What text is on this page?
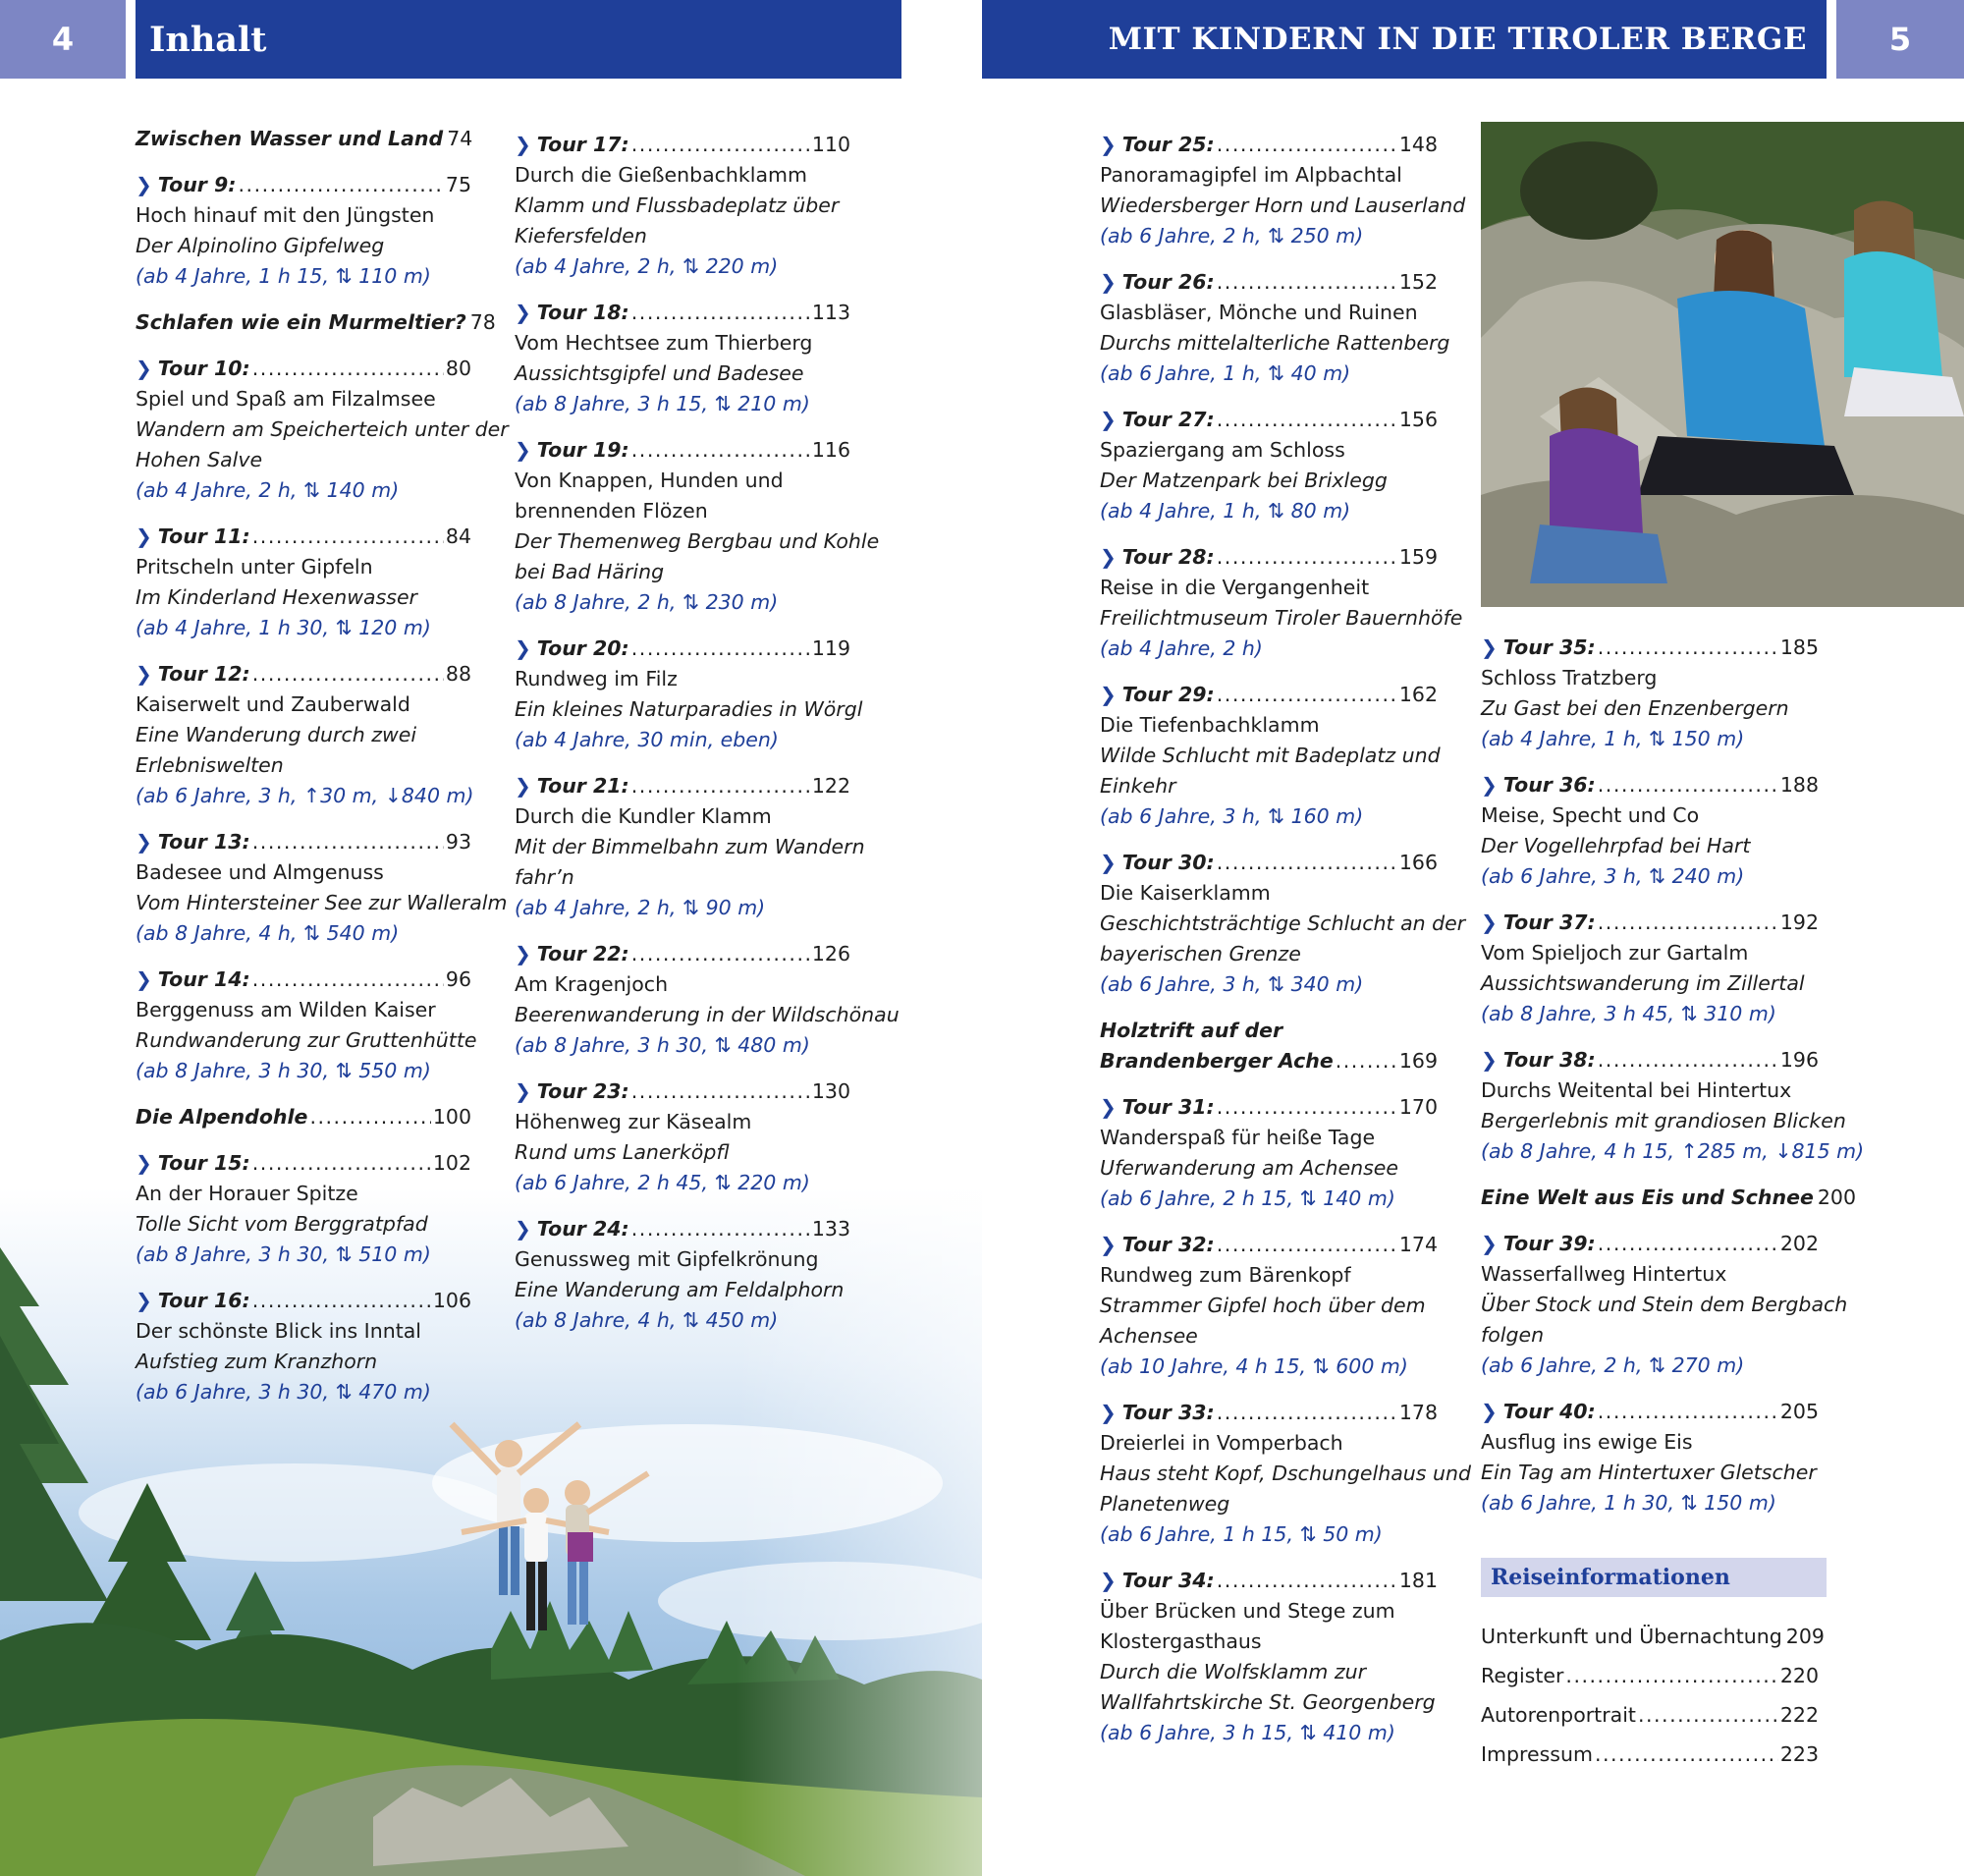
4	Inhalt	MIT KINDERN IN DIE TIROLER BERGE	5
Zwischen Wasser und Land 74
❯ Tour 9: . . .	75
Hoch hinauf mit den Jüngsten
Der Alpinolino Gipfelweg
(ab 4 Jahre, 1 h 15, ⇅ 110 m)
Schlafen wie ein Murmeltier? 78
❯ Tour 10: . . .	80
Spiel und Spaß am Filzalmsee
Wandern am Speicherteich unter der
Hohen Salve
(ab 4 Jahre, 2 h, ⇅ 140 m)
❯ Tour 11: . . .	84
Pritscheln unter Gipfeln
Im Kinderland Hexenwasser
(ab 4 Jahre, 1 h 30, ⇅ 120 m)
❯ Tour 12: . . .	88
Kaiserwelt und Zauberwald
Eine Wanderung durch zwei
Erlebniswelten
(ab 6 Jahre, 3 h, ↑30 m, ↓840 m)
❯ Tour 13: . . .	93
Badesee und Almgenuss
Vom Hintersteiner See zur Walleralm
(ab 8 Jahre, 4 h, ⇅ 540 m)
❯ Tour 14: . . .	96
Berggenuss am Wilden Kaiser
Rundwanderung zur Gruttenhütte
(ab 8 Jahre, 3 h 30, ⇅ 550 m)
Die Alpendohle . . .	100
❯ Tour 15: . . .	102
An der Horauer Spitze
Tolle Sicht vom Berggratpfad
(ab 8 Jahre, 3 h 30, ⇅ 510 m)
❯ Tour 16: . . .	106
Der schönste Blick ins Inntal
Aufstieg zum Kranzhorn
(ab 6 Jahre, 3 h 30, ⇅ 470 m)
❯ Tour 17: . . .	110
Durch die Gießenbachklamm
Klamm und Flussbadeplatz über
Kiefersfelden
(ab 4 Jahre, 2 h, ⇅ 220 m)
❯ Tour 18: . . .	113
Vom Hechtsee zum Thierberg
Aussichtsgipfel und Badesee
(ab 8 Jahre, 3 h 15, ⇅ 210 m)
❯ Tour 19: . . .	116
Von Knappen, Hunden und
brennenden Flözen
Der Themenweg Bergbau und Kohle
bei Bad Häring
(ab 8 Jahre, 2 h, ⇅ 230 m)
❯ Tour 20: . . .	119
Rundweg im Filz
Ein kleines Naturparadies in Wörgl
(ab 4 Jahre, 30 min, eben)
❯ Tour 21: . . .	122
Durch die Kundler Klamm
Mit der Bimmelbahn zum Wandern
fahr’n
(ab 4 Jahre, 2 h, ⇅ 90 m)
❯ Tour 22: . . .	126
Am Kragenjoch
Beerenwanderung in der Wildschönau
(ab 8 Jahre, 3 h 30, ⇅ 480 m)
❯ Tour 23: . . .	130
Höhenweg zur Käsealm
Rund ums Lanerköpfl
(ab 6 Jahre, 2 h 45, ⇅ 220 m)
❯ Tour 24: . . .	133
Genussweg mit Gipfelkrönung
Eine Wanderung am Feldalphorn
(ab 8 Jahre, 4 h, ⇅ 450 m)
❯ Tour 25: . . .	148
Panoramagipfel im Alpbachtal
Wiedersberger Horn und Lauserland
(ab 6 Jahre, 2 h, ⇅ 250 m)
❯ Tour 26: . . .	152
Glasbläser, Mönche und Ruinen
Durchs mittelalterliche Rattenberg
(ab 6 Jahre, 1 h, ⇅ 40 m)
❯ Tour 27: . . .	156
Spaziergang am Schloss
Der Matzenpark bei Brixlegg
(ab 4 Jahre, 1 h, ⇅ 80 m)
❯ Tour 28: . . .	159
Reise in die Vergangenheit
Freilichtmuseum Tiroler Bauernhöfe
(ab 4 Jahre, 2 h)
❯ Tour 29: . . .	162
Die Tiefenbachklamm
Wilde Schlucht mit Badeplatz und
Einkehr
(ab 6 Jahre, 3 h, ⇅ 160 m)
❯ Tour 30: . . .	166
Die Kaiserklamm
Geschichtsträchtige Schlucht an der
bayerischen Grenze
(ab 6 Jahre, 3 h, ⇅ 340 m)
Holztrift auf der
Brandenberger Ache . . .	169
❯ Tour 31: . . .	170
Wanderspaß für heiße Tage
Uferwanderung am Achensee
(ab 6 Jahre, 2 h 15, ⇅ 140 m)
❯ Tour 32: . . .	174
Rundweg zum Bärenkopf
Strammer Gipfel hoch über dem
Achensee
(ab 10 Jahre, 4 h 15, ⇅ 600 m)
❯ Tour 33: . . .	178
Dreierlei in Vomperbach
Haus steht Kopf, Dschungelhaus und
Planetenweg
(ab 6 Jahre, 1 h 15, ⇅ 50 m)
❯ Tour 34: . . .	181
Über Brücken und Stege zum
Klostergasthaus
Durch die Wolfsklamm zur
Wallfahrtskirche St. Georgenberg
(ab 6 Jahre, 3 h 15, ⇅ 410 m)
❯ Tour 35: . . .	185
Schloss Tratzberg
Zu Gast bei den Enzenbergern
(ab 4 Jahre, 1 h, ⇅ 150 m)
❯ Tour 36: . . .	188
Meise, Specht und Co
Der Vogellehrpfad bei Hart
(ab 6 Jahre, 3 h, ⇅ 240 m)
❯ Tour 37: . . .	192
Vom Spieljoch zur Gartalm
Aussichtswanderung im Zillertal
(ab 8 Jahre, 3 h 45, ⇅ 310 m)
❯ Tour 38: . . .	196
Durchs Weitental bei Hintertux
Bergerlebnis mit grandiosen Blicken
(ab 8 Jahre, 4 h 15, ↑285 m, ↓815 m)
Eine Welt aus Eis und Schnee 200
❯ Tour 39: . . .	202
Wasserfallweg Hintertux
Über Stock und Stein dem Bergbach
folgen
(ab 6 Jahre, 2 h, ⇅ 270 m)
❯ Tour 40: . . .	205
Ausflug ins ewige Eis
Ein Tag am Hintertuxer Gletscher
(ab 6 Jahre, 1 h 30, ⇅ 150 m)
Reiseinformationen
Unterkunft und Übernachtung 209
Register . . .	220
Autorenportrait . . .	222
Impressum . . .	223
